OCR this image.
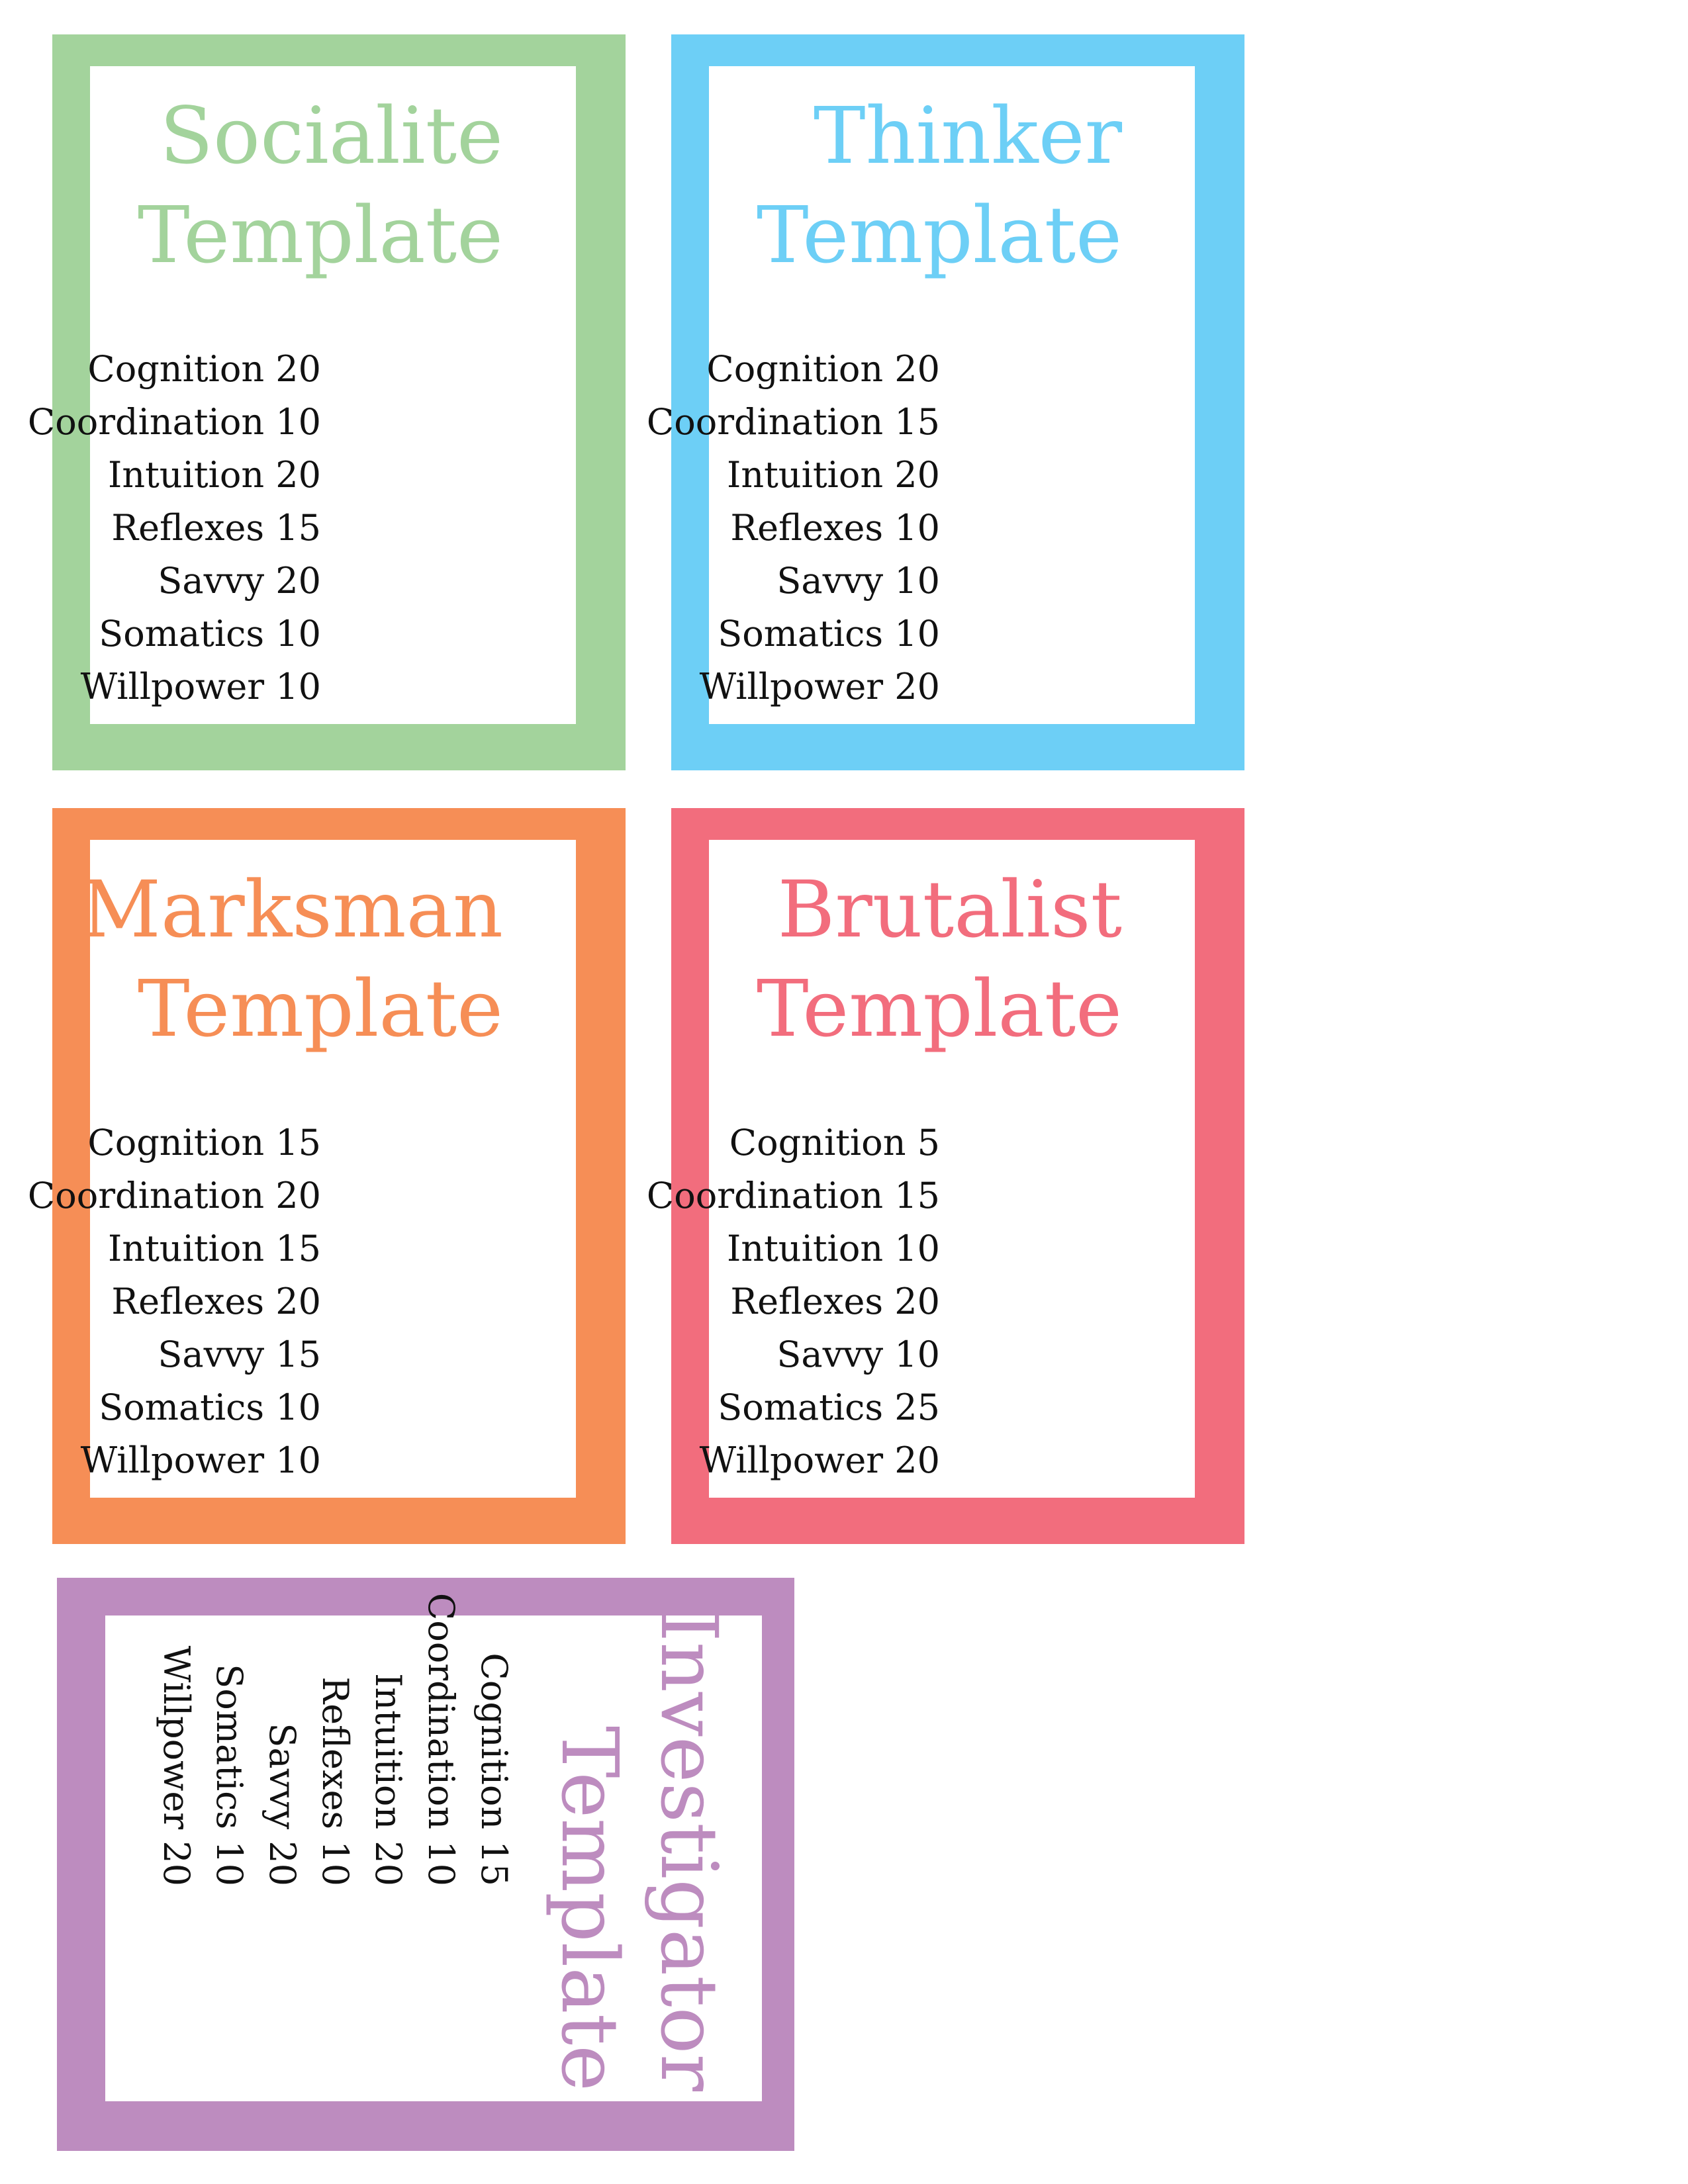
Socialite
Template
Cognition 20
Coordination 10
Intuition 20
Reflexes 15
Savvy 20
Somatics 10
Willpower 10
Thinker
Template
Cognition 20
Coordination 15
Intuition 20
Reflexes 10
Savvy 10
Somatics 10
Willpower 20
Marksman
Template
Cognition 15
Coordination 20
Intuition 15
Reflexes 20
Savvy 15
Somatics 10
Willpower 10
Brutalist
Template
Cognition 5
Coordination 15
Intuition 10
Reflexes 20
Savvy 10
Somatics 25
Willpower 20
Investigator
Template
Cognition 15
Coordination 10
Intuition 20
Reflexes 10
Savvy 20
Somatics 10
Willpower 20
